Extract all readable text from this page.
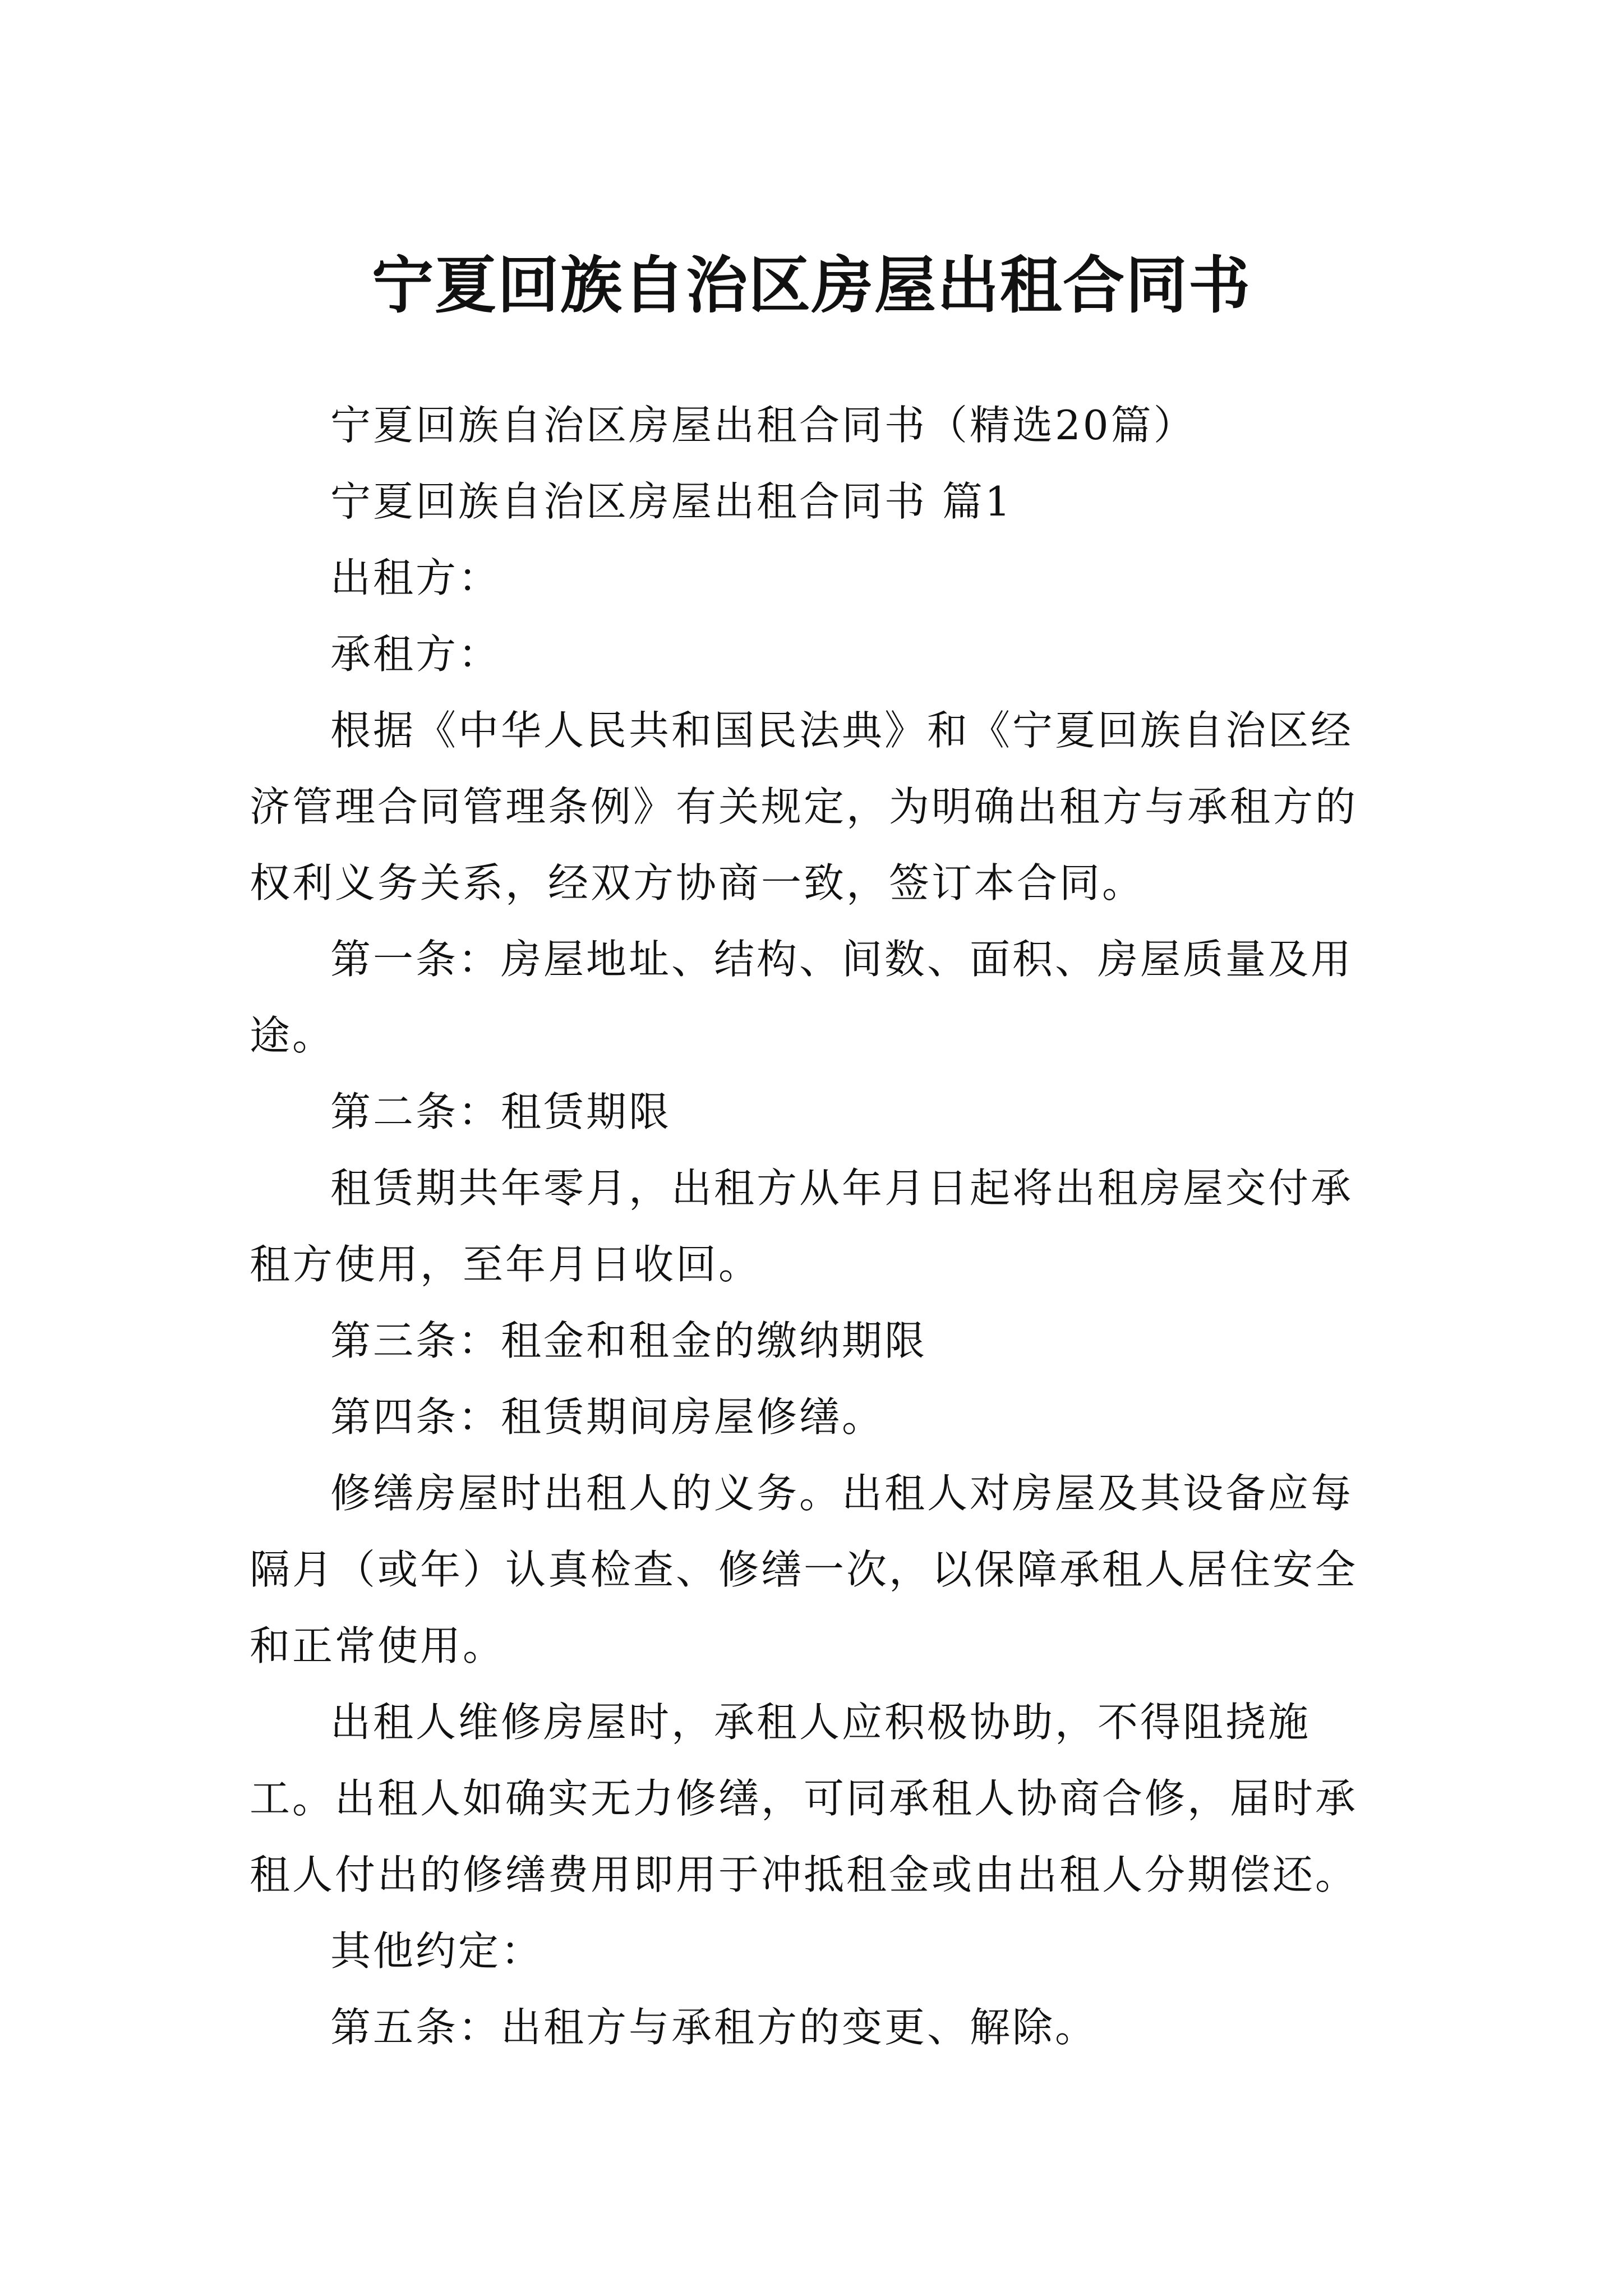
宁夏回族自治区房屋出租合同书

宁夏回族自治区房屋出租合同书（精选20篇）

宁夏回族自治区房屋出租合同书 篇1

出租方：

承租方：

根据《中华人民共和国民法典》和《宁夏回族自治区经济管理合同管理条例》有关规定，为明确出租方与承租方的权利义务关系，经双方协商一致，签订本合同。

第一条：房屋地址、结构、间数、面积、房屋质量及用途。

第二条：租赁期限

租赁期共年零月，出租方从年月日起将出租房屋交付承租方使用，至年月日收回。

第三条：租金和租金的缴纳期限

第四条：租赁期间房屋修缮。

修缮房屋时出租人的义务。出租人对房屋及其设备应每隔月（或年）认真检查、修缮一次，以保障承租人居住安全和正常使用。

出租人维修房屋时，承租人应积极协助，不得阻挠施工。出租人如确实无力修缮，可同承租人协商合修，届时承租人付出的修缮费用即用于冲抵租金或由出租人分期偿还。

其他约定：

第五条：出租方与承租方的变更、解除。
